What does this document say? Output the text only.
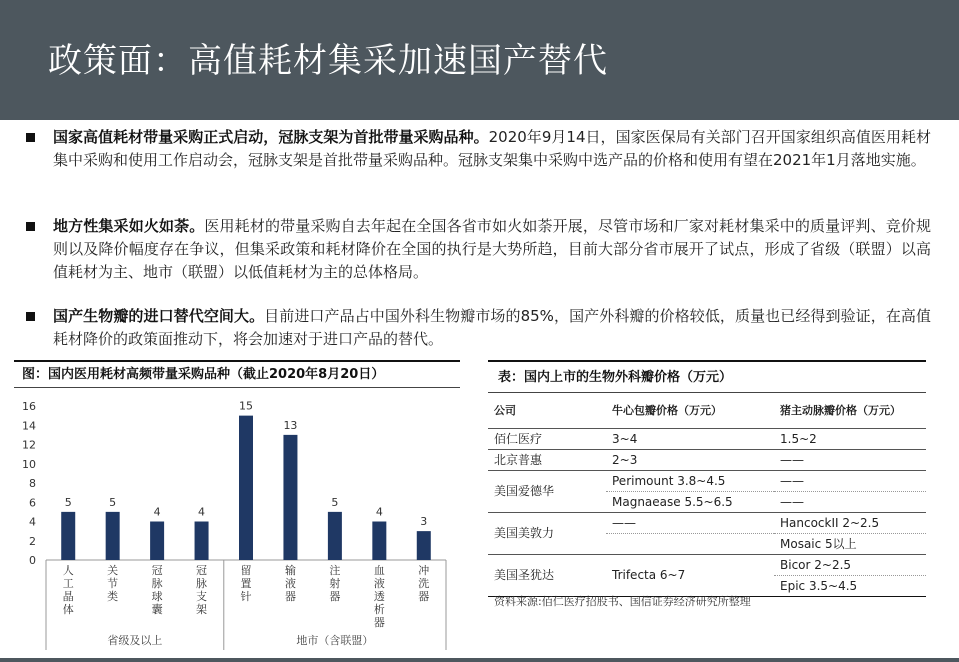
政策面：高值耗材集采加速国产替代
国家高值耗材带量采购正式启动，冠脉支架为首批带量采购品种。2020年9月14日，国家医保局有关部门召开国家组织高值医用耗材集中采购和使用工作启动会，冠脉支架是首批带量采购品种。冠脉支架集中采购中选产品的价格和使用有望在2021年1月落地实施。
地方性集采如火如荼。医用耗材的带量采购自去年起在全国各省市如火如荼开展，尽管市场和厂家对耗材集采中的质量评判、竞价规则以及降价幅度存在争议，但集采政策和耗材降价在全国的执行是大势所趋，目前大部分省市展开了试点，形成了省级（联盟）以高值耗材为主、地市（联盟）以低值耗材为主的总体格局。
国产生物瓣的进口替代空间大。目前进口产品占中国外科生物瓣市场的85%，国产外科瓣的价格较低，质量也已经得到验证，在高值耗材降价的政策面推动下，将会加速对于进口产品的替代。
图：国内医用耗材高频带量采购品种（截止2020年8月20日）
0
2
4
6
8
10
12
14
16
5
人工晶体
5
关节类
4
冠脉球囊
4
冠脉支架
15
留置针
13
输液器
5
注射器
4
血液透析器
3
冲洗器
省级及以上	地市（含联盟）
表：国内上市的生物外科瓣价格（万元）
公司	牛心包瓣价格（万元）	猪主动脉瓣价格（万元）
佰仁医疗	3~4	1.5~2
北京普惠	2~3	——
美国爱德华	Perimount 3.8~4.5	——
	Magnaease 5.5~6.5	——
美国美敦力	——	HancockII 2~2.5
		Mosaic 5以上
美国圣犹达	Trifecta 6~7	Bicor 2~2.5
		Epic 3.5~4.5
资料来源:佰仁医疗招股书、国信证券经济研究所整理
